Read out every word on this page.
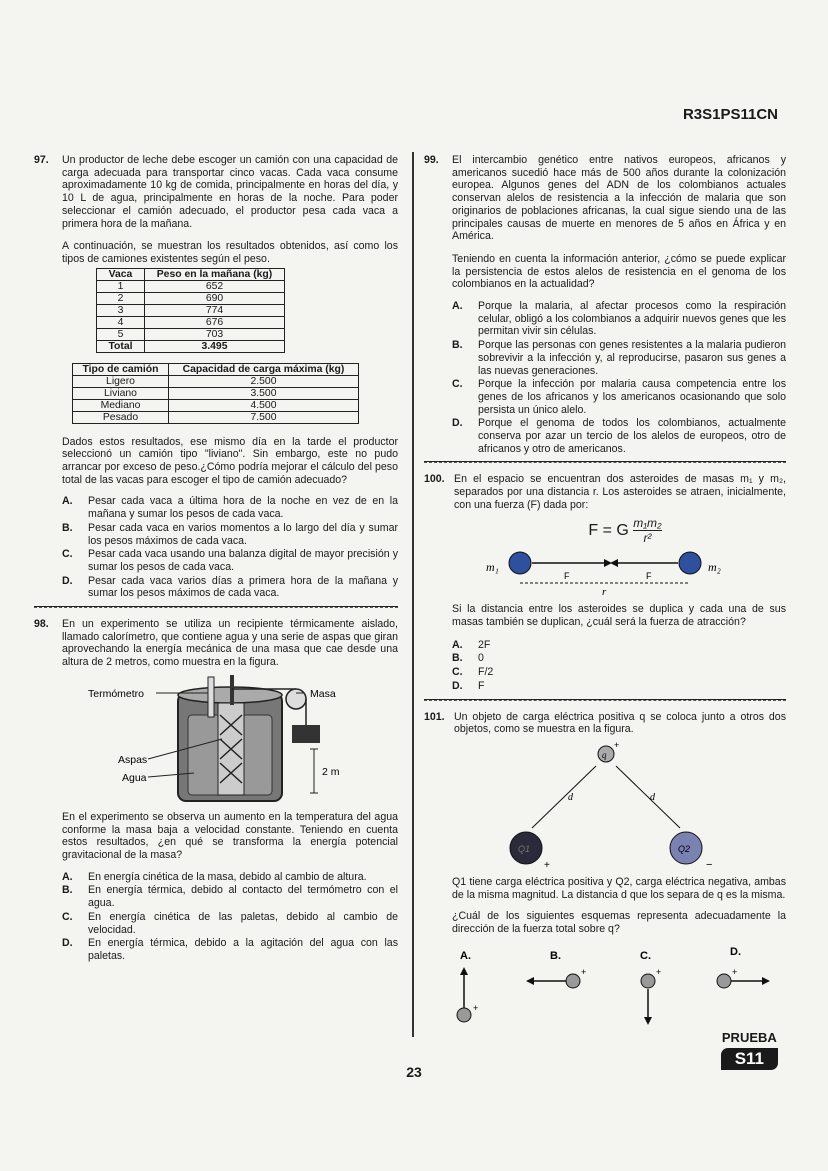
R3S1PS11CN
97.	Un productor de leche debe escoger un camión con una capacidad de carga adecuada para transportar cinco vacas. Cada vaca consume aproximadamente 10 kg de comida, principalmente en horas del día, y 10 L de agua, principalmente en horas de la noche. Para poder seleccionar el camión adecuado, el productor pesa cada vaca a primera hora de la mañana.

A continuación, se muestran los resultados obtenidos, así como los tipos de camiones existentes según el peso.

Vaca	Peso en la mañana (kg)
1	652
2	690
3	774
4	676
5	703
Total	3.495
Tipo de camión	Capacidad de carga máxima (kg)
Ligero	2.500
Liviano	3.500
Mediano	4.500
Pesado	7.500

Dados estos resultados, ese mismo día en la tarde el productor seleccionó un camión tipo "liviano". Sin embargo, este no pudo arrancar por exceso de peso.¿Cómo podría mejorar el cálculo del peso total de las vacas para escoger el tipo de camión adecuado?

A.	Pesar cada vaca a última hora de la noche en vez de en la mañana y sumar los pesos de cada vaca.
B.	Pesar cada vaca en varios momentos a lo largo del día y sumar los pesos máximos de cada vaca.
C.	Pesar cada vaca usando una balanza digital de mayor precisión y sumar los pesos de cada vaca.
D.	Pesar cada vaca varios días a primera hora de la mañana y sumar los pesos máximos de cada vaca.
98.	En un experimento se utiliza un recipiente térmicamente aislado, llamado calorímetro, que contiene agua y una serie de aspas que giran aprovechando la energía mecánica de una masa que cae desde una altura de 2 metros, como muestra en la figura.
2 m
Termómetro	Masa
Aspas
Agua

En el experimento se observa un aumento en la temperatura del agua conforme la masa baja a velocidad constante. Teniendo en cuenta estos resultados, ¿en qué se transforma la energía potencial gravitacional de la masa?

A.	En energía cinética de la masa, debido al cambio de altura.
B.	En energía térmica, debido al contacto del termómetro con el agua.
C.	En energía cinética de las paletas, debido al cambio de velocidad.
D.	En energía térmica, debido a la agitación del agua con las paletas.
99.	El intercambio genético entre nativos europeos, africanos y americanos sucedió hace más de 500 años durante la colonización europea. Algunos genes del ADN de los colombianos actuales conservan alelos de resistencia a la infección de malaria que son originarios de poblaciones africanas, la cual sigue siendo una de las principales causas de muerte en menores de 5 años en África y en América.

Teniendo en cuenta la información anterior, ¿cómo se puede explicar la persistencia de estos alelos de resistencia en el genoma de los colombianos en la actualidad?

A.	Porque la malaria, al afectar procesos como la respiración celular, obligó a los colombianos a adquirir nuevos genes que les permitan vivir sin células.
B.	Porque las personas con genes resistentes a la malaria pudieron sobrevivir a la infección y, al reproducirse, pasaron sus genes a las nuevas generaciones.
C.	Porque la infección por malaria causa competencia entre los genes de los africanos y los americanos ocasionando que solo persista un único alelo.
D.	Porque el genoma de todos los colombianos, actualmente conserva por azar un tercio de los alelos de europeos, otro de africanos y otro de americanos.
100. En el espacio se encuentran dos asteroides de masas m₁ y m₂, separados por una distancia r. Los asteroides se atraen, inicialmente, con una fuerza (F) dada por:
F = G $\frac{\text{m₁m₂}}{\text{r²}}$
m₁	m₂
F	F
r

Si la distancia entre los asteroides se duplica y cada una de sus masas también se duplican, ¿cuál será la fuerza de atracción?

A.	2F
B.	0
C.	F/2
D.	F
101. Un objeto de carga eléctrica positiva q se coloca junto a otros dos objetos, como se muestra en la figura.
q
+
d	d
Q1
+
Q2
−

Q1 tiene carga eléctrica positiva y Q2, carga eléctrica negativa, ambas de la misma magnitud. La distancia d que los separa de q es la misma.

¿Cuál de los siguientes esquemas representa adecuadamente la dirección de la fuerza total sobre q?

A.	B.	C.	D.
+
+	+	+
PRUEBA
S11
23
